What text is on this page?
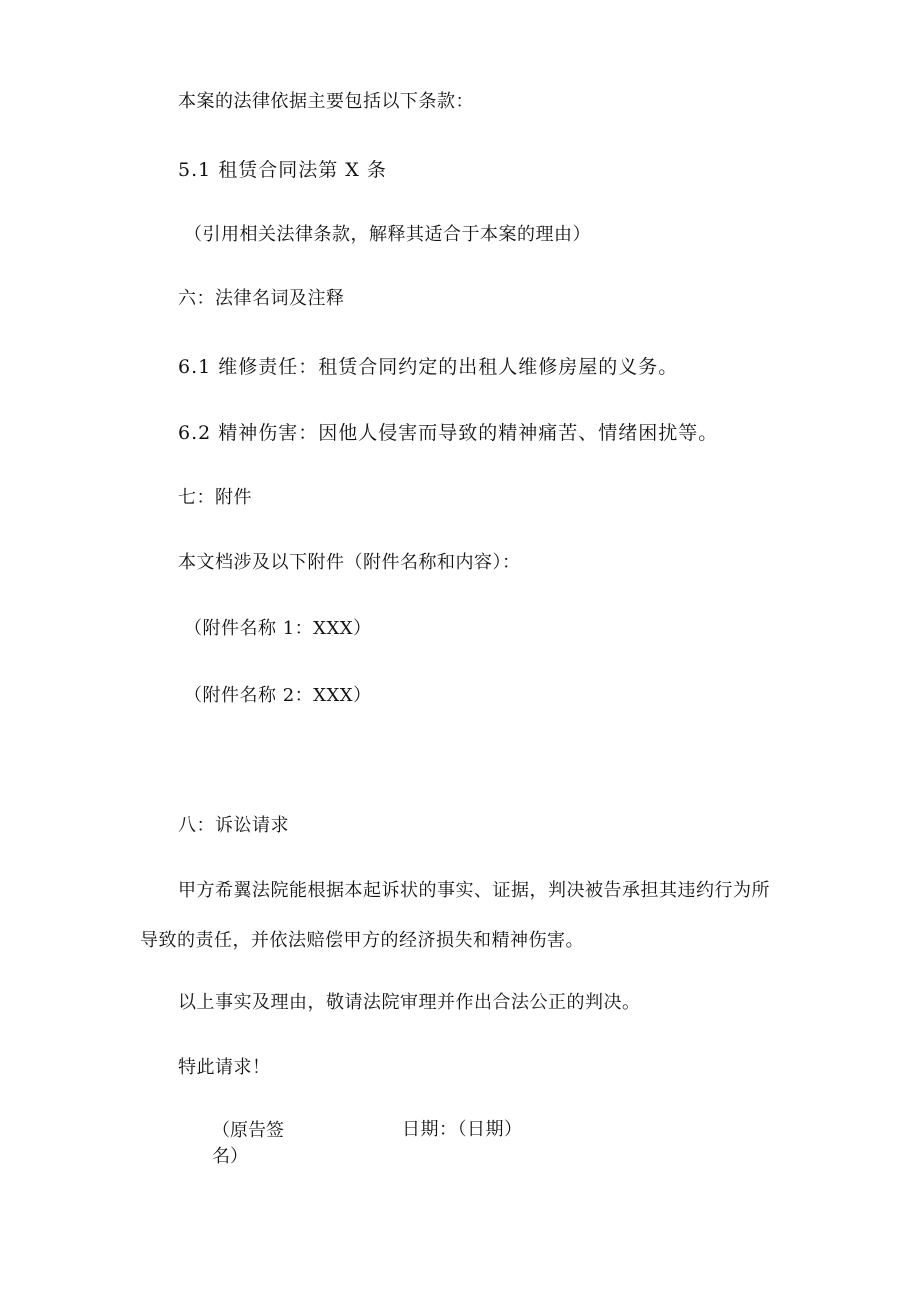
本案的法律依据主要包括以下条款：
5.1 租赁合同法第 X 条
（引用相关法律条款，解释其适合于本案的理由）
六：法律名词及注释
6.1 维修责任：租赁合同约定的出租人维修房屋的义务。
6.2 精神伤害：因他人侵害而导致的精神痛苦、情绪困扰等。
七：附件
本文档涉及以下附件（附件名称和内容）：
（附件名称 1：XXX）
（附件名称 2：XXX）
八：诉讼请求
甲方希翼法院能根据本起诉状的事实、证据，判决被告承担其违约行为所
导致的责任，并依法赔偿甲方的经济损失和精神伤害。
以上事实及理由，敬请法院审理并作出合法公正的判决。
特此请求！
（原告签名）
日期：（日期）
